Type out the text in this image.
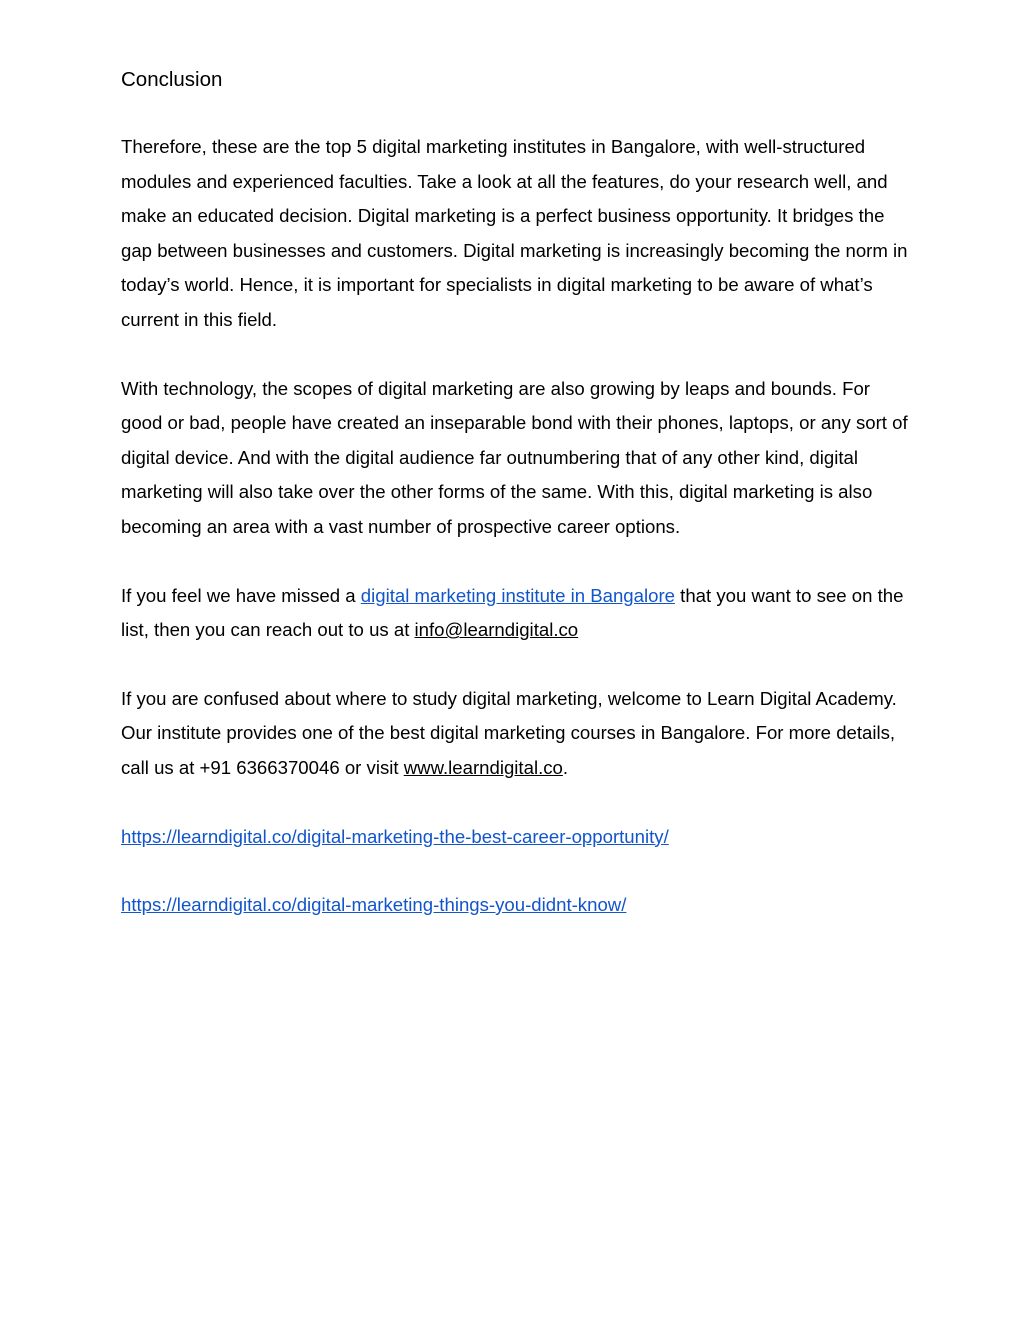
Conclusion

Therefore, these are the top 5 digital marketing institutes in Bangalore, with well-structured modules and experienced faculties. Take a look at all the features, do your research well, and make an educated decision. Digital marketing is a perfect business opportunity. It bridges the gap between businesses and customers. Digital marketing is increasingly becoming the norm in today’s world. Hence, it is important for specialists in digital marketing to be aware of what’s current in this field.

With technology, the scopes of digital marketing are also growing by leaps and bounds. For good or bad, people have created an inseparable bond with their phones, laptops, or any sort of digital device. And with the digital audience far outnumbering that of any other kind, digital marketing will also take over the other forms of the same. With this, digital marketing is also becoming an area with a vast number of prospective career options.

If you feel we have missed a digital marketing institute in Bangalore that you want to see on the list, then you can reach out to us at info@learndigital.co

If you are confused about where to study digital marketing, welcome to Learn Digital Academy. Our institute provides one of the best digital marketing courses in Bangalore. For more details, call us at +91 6366370046 or visit www.learndigital.co.

https://learndigital.co/digital-marketing-the-best-career-opportunity/

https://learndigital.co/digital-marketing-things-you-didnt-know/
